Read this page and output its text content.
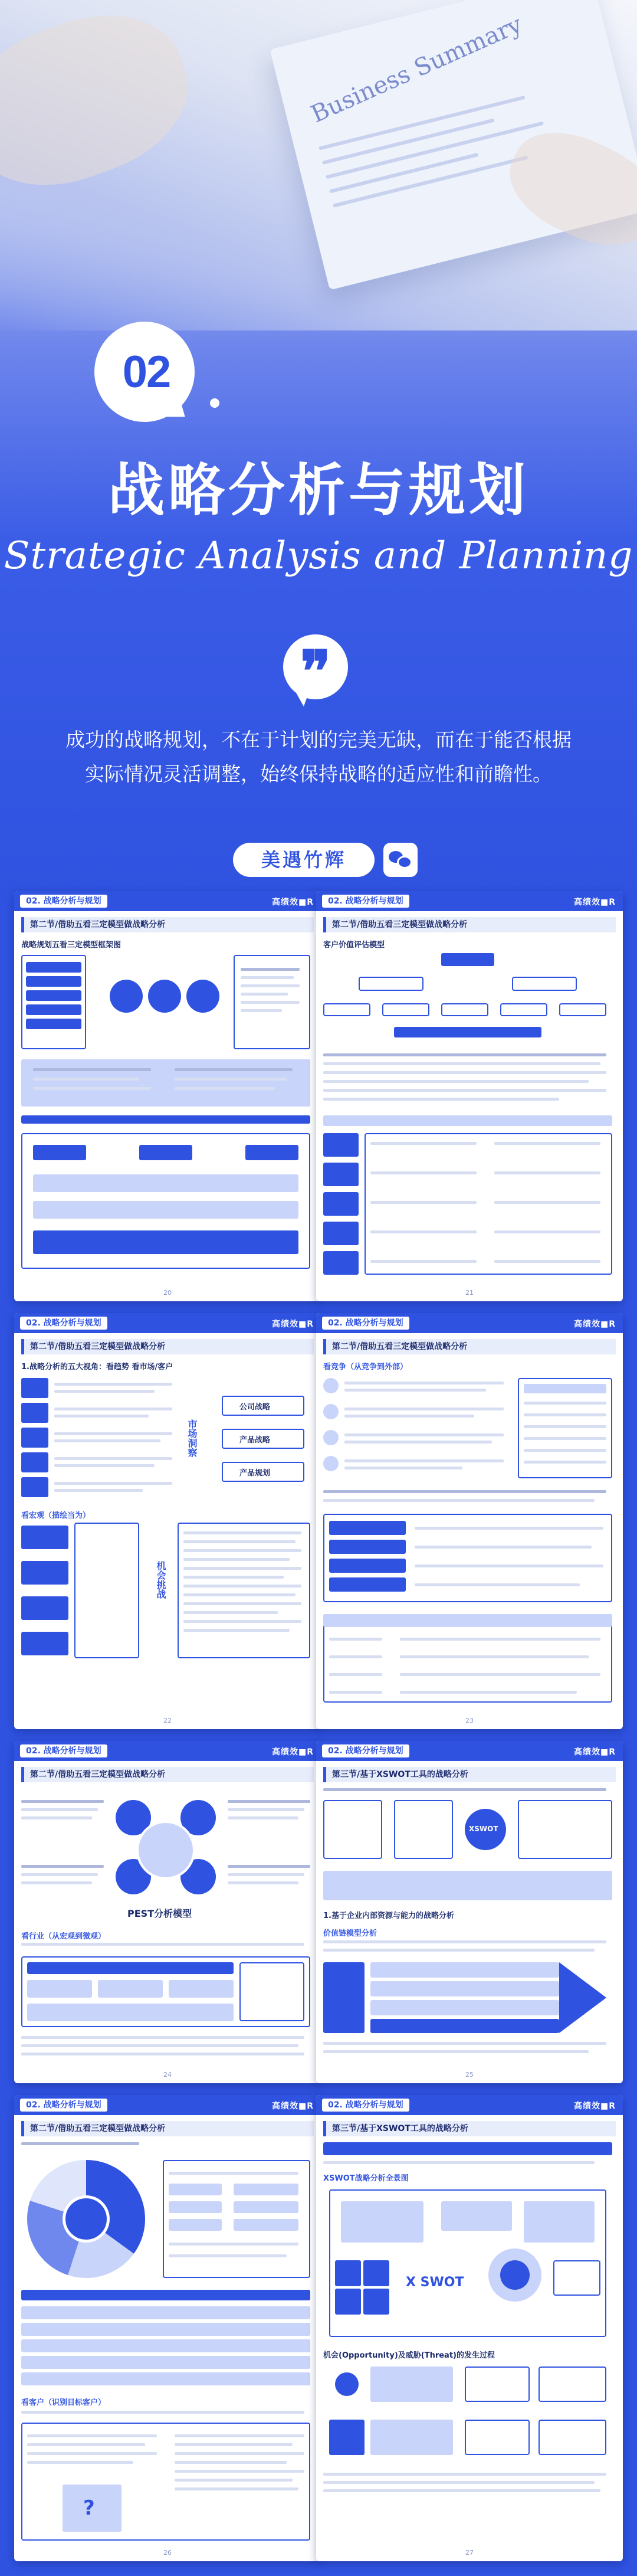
Business Summary
02
战略分析与规划
Strategic Analysis and Planning
❞
成功的战略规划，不在于计划的完美无缺，而在于能否根据
实际情况灵活调整，始终保持战略的适应性和前瞻性。
美遇竹辉
02. 战略分析与规划	高绩效■R
第二节/借助五看三定模型做战略分析
战略规划五看三定模型框架图
20
02. 战略分析与规划	高绩效■R
第二节/借助五看三定模型做战略分析
客户价值评估模型
21
02. 战略分析与规划	高绩效■R
第二节/借助五看三定模型做战略分析
1.战略分析的五大视角：看趋势 看市场/客户
市场洞察
公司战略
产品战略
产品规划
看宏观（描绘当为）
机会挑战
22
02. 战略分析与规划	高绩效■R
第二节/借助五看三定模型做战略分析
看竞争（从竞争到外部）
23
02. 战略分析与规划	高绩效■R
第二节/借助五看三定模型做战略分析
PEST分析模型
看行业（从宏观到微观）
24
02. 战略分析与规划	高绩效■R
第三节/基于XSWOT工具的战略分析
XSWOT
1.基于企业内部资源与能力的战略分析
价值链模型分析
25
02. 战略分析与规划	高绩效■R
第二节/借助五看三定模型做战略分析
看客户（识别目标客户）
?
26
02. 战略分析与规划	高绩效■R
第三节/基于XSWOT工具的战略分析
XSWOT战略分析全景图
X SWOT
机会(Opportunity)及威胁(Threat)的发生过程
27	公众号 · 美遇竹辉
